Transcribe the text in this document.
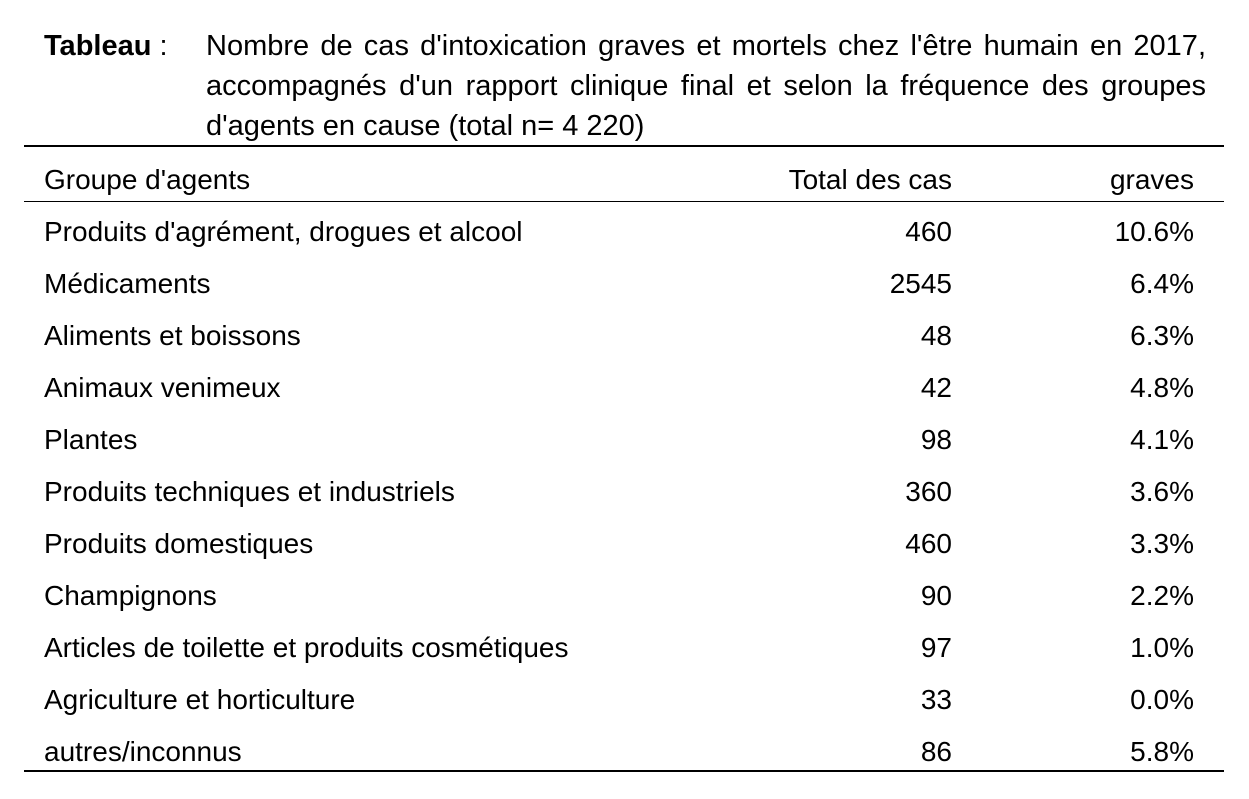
Tableau :	Nombre de cas d'intoxication graves et mortels chez l'être humain en 2017, accompagnés d'un rapport clinique final et selon la fréquence des groupes d'agents en cause (total n= 4 220)
Groupe d'agents	Total des cas	graves
Produits d'agrément, drogues et alcool	460	10.6%
Médicaments	2545	6.4%
Aliments et boissons	48	6.3%
Animaux venimeux	42	4.8%
Plantes	98	4.1%
Produits techniques et industriels	360	3.6%
Produits domestiques	460	3.3%
Champignons	90	2.2%
Articles de toilette et produits cosmétiques	97	1.0%
Agriculture et horticulture	33	0.0%
autres/inconnus	86	5.8%
